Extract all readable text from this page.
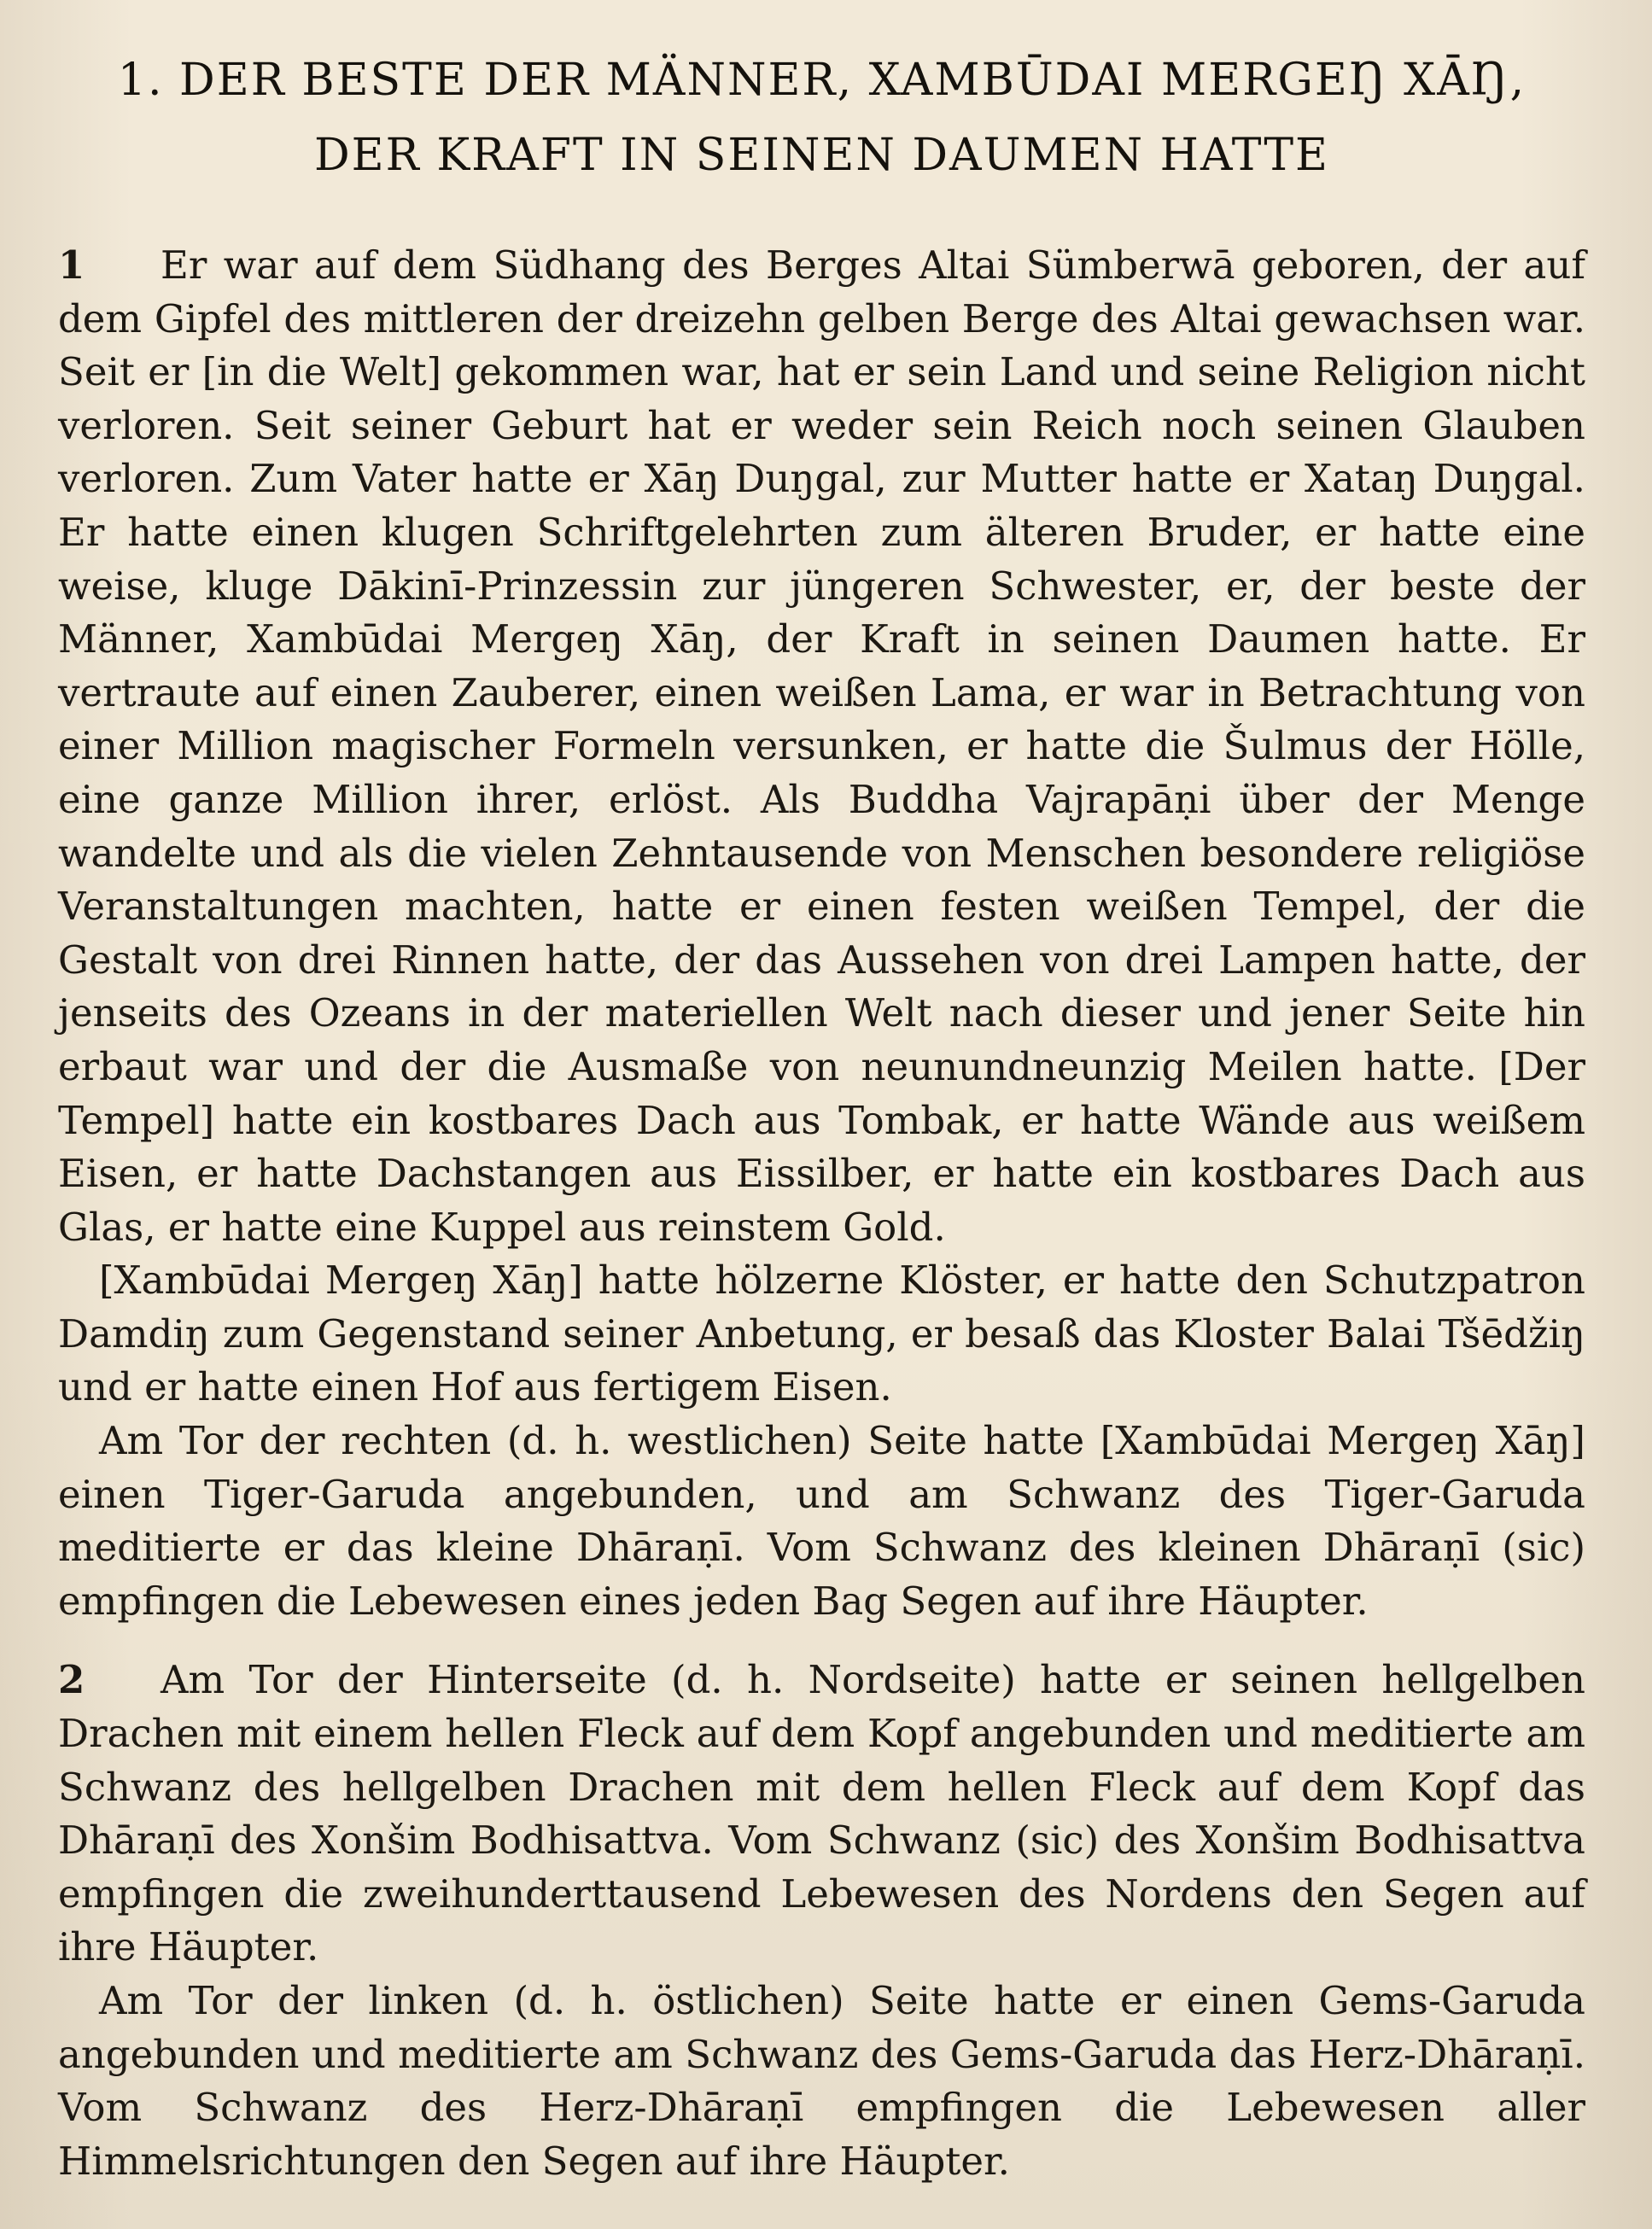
1. DER BESTE DER MÄNNER, XAMBŪDAI MERGEŊ XĀŊ,
DER KRAFT IN SEINEN DAUMEN HATTE

1 Er war auf dem Südhang des Berges Altai Sümberwā geboren, der auf dem Gipfel des mittleren der dreizehn gelben Berge des Altai gewachsen war. Seit er [in die Welt] gekommen war, hat er sein Land und seine Religion nicht verloren. Seit seiner Geburt hat er weder sein Reich noch seinen Glauben verloren. Zum Vater hatte er Xāŋ Duŋgal, zur Mutter hatte er Xataŋ Duŋgal. Er hatte einen klugen Schriftgelehrten zum älteren Bruder, er hatte eine weise, kluge Dākinī-Prinzessin zur jüngeren Schwester, er, der beste der Männer, Xambūdai Mergeŋ Xāŋ, der Kraft in seinen Daumen hatte. Er vertraute auf einen Zauberer, einen weißen Lama, er war in Betrachtung von einer Million magischer Formeln versunken, er hatte die Šulmus der Hölle, eine ganze Million ihrer, erlöst. Als Buddha Vajrapāṇi über der Menge wandelte und als die vielen Zehntausende von Menschen besondere religiöse Veranstaltungen machten, hatte er einen festen weißen Tempel, der die Gestalt von drei Rinnen hatte, der das Aussehen von drei Lampen hatte, der jenseits des Ozeans in der materiellen Welt nach dieser und jener Seite hin erbaut war und der die Ausmaße von neunundneunzig Meilen hatte. [Der Tempel] hatte ein kostbares Dach aus Tombak, er hatte Wände aus weißem Eisen, er hatte Dachstangen aus Eissilber, er hatte ein kostbares Dach aus Glas, er hatte eine Kuppel aus reinstem Gold.

[Xambūdai Mergeŋ Xāŋ] hatte hölzerne Klöster, er hatte den Schutzpatron Damdiŋ zum Gegenstand seiner Anbetung, er besaß das Kloster Balai Tšēdžiŋ und er hatte einen Hof aus fertigem Eisen.

Am Tor der rechten (d. h. westlichen) Seite hatte [Xambūdai Mergeŋ Xāŋ] einen Tiger-Garuda angebunden, und am Schwanz des Tiger-Garuda meditierte er das kleine Dhāraṇī. Vom Schwanz des kleinen Dhāraṇī (sic) empfingen die Lebewesen eines jeden Bag Segen auf ihre Häupter.

2 Am Tor der Hinterseite (d. h. Nordseite) hatte er seinen hellgelben Drachen mit einem hellen Fleck auf dem Kopf angebunden und meditierte am Schwanz des hellgelben Drachen mit dem hellen Fleck auf dem Kopf das Dhāraṇī des Xonšim Bodhisattva. Vom Schwanz (sic) des Xonšim Bodhisattva empfingen die zweihunderttausend Lebewesen des Nordens den Segen auf ihre Häupter.

Am Tor der linken (d. h. östlichen) Seite hatte er einen Gems-Garuda angebunden und meditierte am Schwanz des Gems-Garuda das Herz-Dhāraṇī. Vom Schwanz des Herz-Dhāraṇī empfingen die Lebewesen aller Himmelsrichtungen den Segen auf ihre Häupter.
